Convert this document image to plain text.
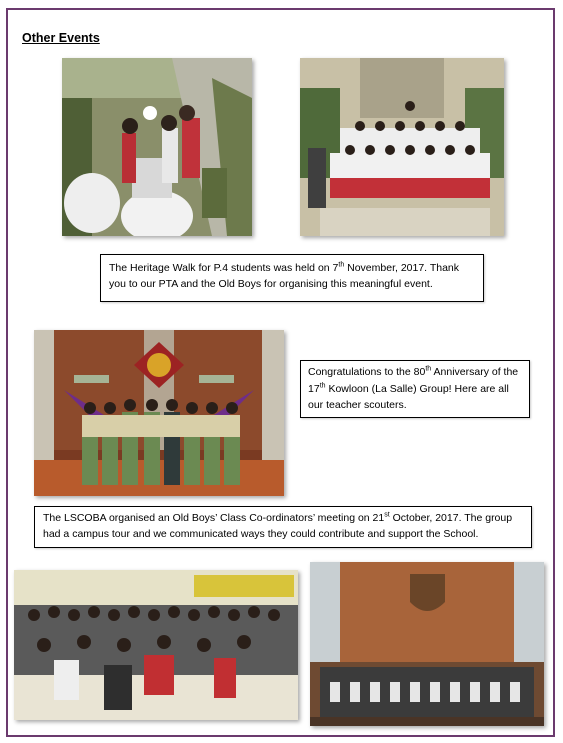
Other Events
The Heritage Walk for P.4 students was held on 7th November, 2017. Thank you to our PTA and the Old Boys for organising this meaningful event.
Congratulations to the 80th Anniversary of the 17th Kowloon (La Salle) Group! Here are all our teacher scouters.
The LSCOBA organised an Old Boys’ Class Co-ordinators’ meeting on 21st October, 2017. The group had a campus tour and we communicated ways they could contribute and support the School.
